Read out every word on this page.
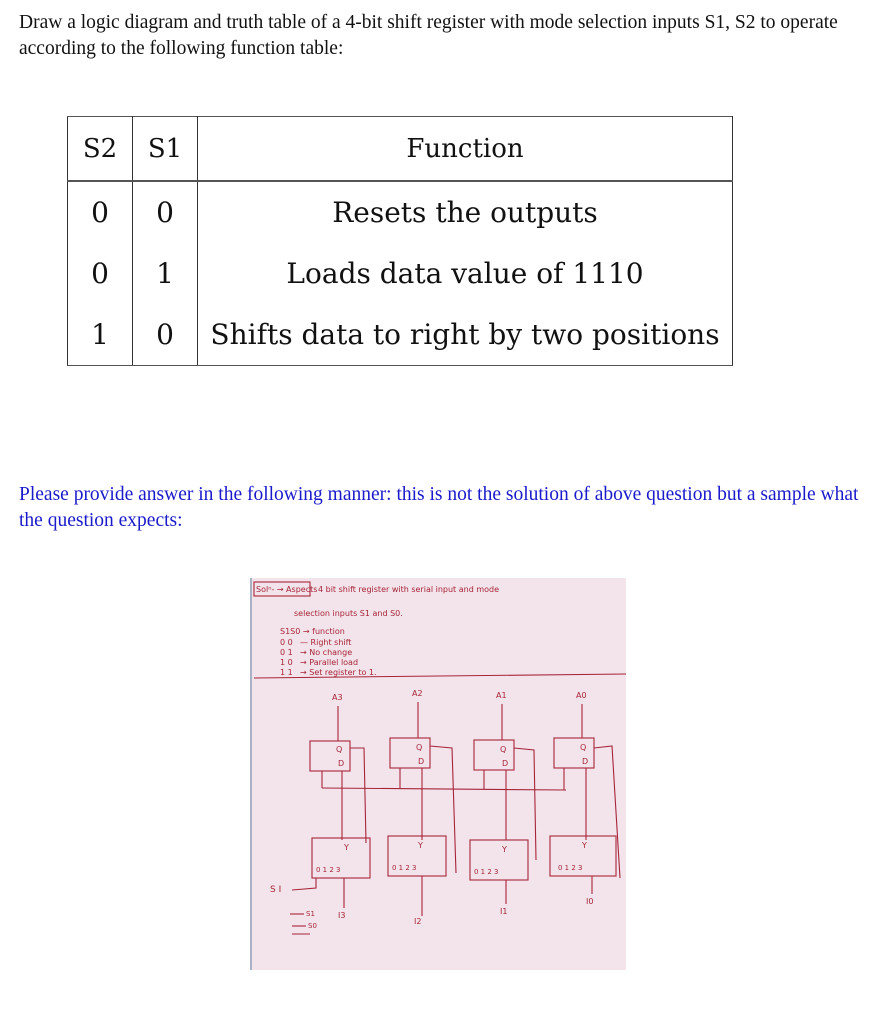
Draw a logic diagram and truth table of a 4-bit shift register with mode selection inputs S1, S2 to operate according to the following function table:
S2	S1	Function
0	0	Resets the outputs
0	1	Loads data value of 1110
1	0	Shifts data to right by two positions
Please provide answer in the following manner: this is not the solution of above question but a sample what the question expects:
Solⁿ- → Aspects 4 bit shift register with serial input and mode
selection inputs S1 and S0.
S1S0 → function
0 0 — Right shift
0 1 → No change
1 0 → Parallel load
1 1 → Set register to 1.
A3	A2	A1	A0
Q
D
Q
D
Q
D
Q
D
Y	Y	Y	Y
S I
I3
I2
I1
I0
S1
S0
0 1 2 3	0 1 2 3	0 1 2 3	0 1 2 3
